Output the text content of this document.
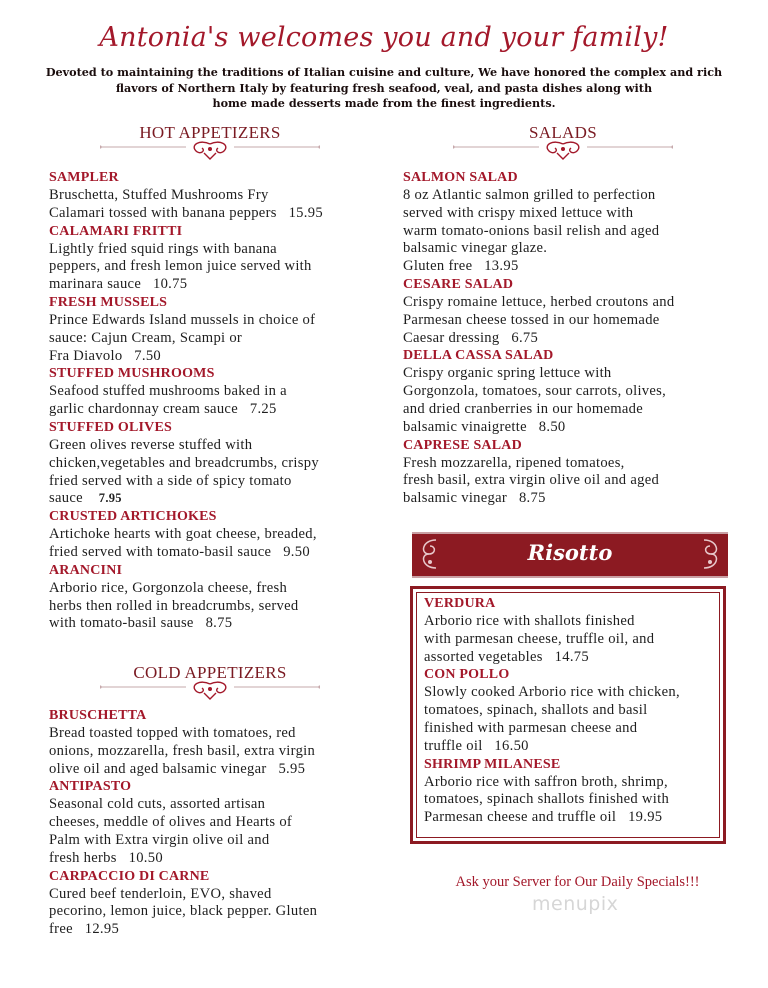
Antonia's welcomes you and your family!
Devoted to maintaining the traditions of Italian cuisine and culture, We have honored the complex and rich
flavors of Northern Italy by featuring fresh seafood, veal, and pasta dishes along with
home made desserts made from the finest ingredients.
HOT APPETIZERS	SALADS
COLD APPETIZERS
SAMPLER
Bruschetta, Stuffed Mushrooms Fry
Calamari tossed with banana peppers 15.95
CALAMARI FRITTI
Lightly fried squid rings with banana
peppers, and fresh lemon juice served with
marinara sauce 10.75
FRESH MUSSELS
Prince Edwards Island mussels in choice of
sauce: Cajun Cream, Scampi or
Fra Diavolo 7.50
STUFFED MUSHROOMS
Seafood stuffed mushrooms baked in a
garlic chardonnay cream sauce 7.25
STUFFED OLIVES
Green olives reverse stuffed with
chicken,vegetables and breadcrumbs, crispy
fried served with a side of spicy tomato
sauce 7.95
CRUSTED ARTICHOKES
Artichoke hearts with goat cheese, breaded,
fried served with tomato-basil sauce 9.50
ARANCINI
Arborio rice, Gorgonzola cheese, fresh
herbs then rolled in breadcrumbs, served
with tomato-basil sause 8.75
BRUSCHETTA
Bread toasted topped with tomatoes, red
onions, mozzarella, fresh basil, extra virgin
olive oil and aged balsamic vinegar 5.95
ANTIPASTO
Seasonal cold cuts, assorted artisan
cheeses, meddle of olives and Hearts of
Palm with Extra virgin olive oil and
fresh herbs 10.50
CARPACCIO DI CARNE
Cured beef tenderloin, EVO, shaved
pecorino, lemon juice, black pepper. Gluten
free 12.95
SALMON SALAD
8 oz Atlantic salmon grilled to perfection
served with crispy mixed lettuce with
warm tomato-onions basil relish and aged
balsamic vinegar glaze.
Gluten free 13.95
CESARE SALAD
Crispy romaine lettuce, herbed croutons and
Parmesan cheese tossed in our homemade
Caesar dressing 6.75
DELLA CASSA SALAD
Crispy organic spring lettuce with
Gorgonzola, tomatoes, sour carrots, olives,
and dried cranberries in our homemade
balsamic vinaigrette 8.50
CAPRESE SALAD
Fresh mozzarella, ripened tomatoes,
fresh basil, extra virgin olive oil and aged
balsamic vinegar 8.75
Risotto
VERDURA
Arborio rice with shallots finished
with parmesan cheese, truffle oil, and
assorted vegetables 14.75
CON POLLO
Slowly cooked Arborio rice with chicken,
tomatoes, spinach, shallots and basil
finished with parmesan cheese and
truffle oil 16.50
SHRIMP MILANESE
Arborio rice with saffron broth, shrimp,
tomatoes, spinach shallots finished with
Parmesan cheese and truffle oil 19.95
Ask your Server for Our Daily Specials!!!
menupix
